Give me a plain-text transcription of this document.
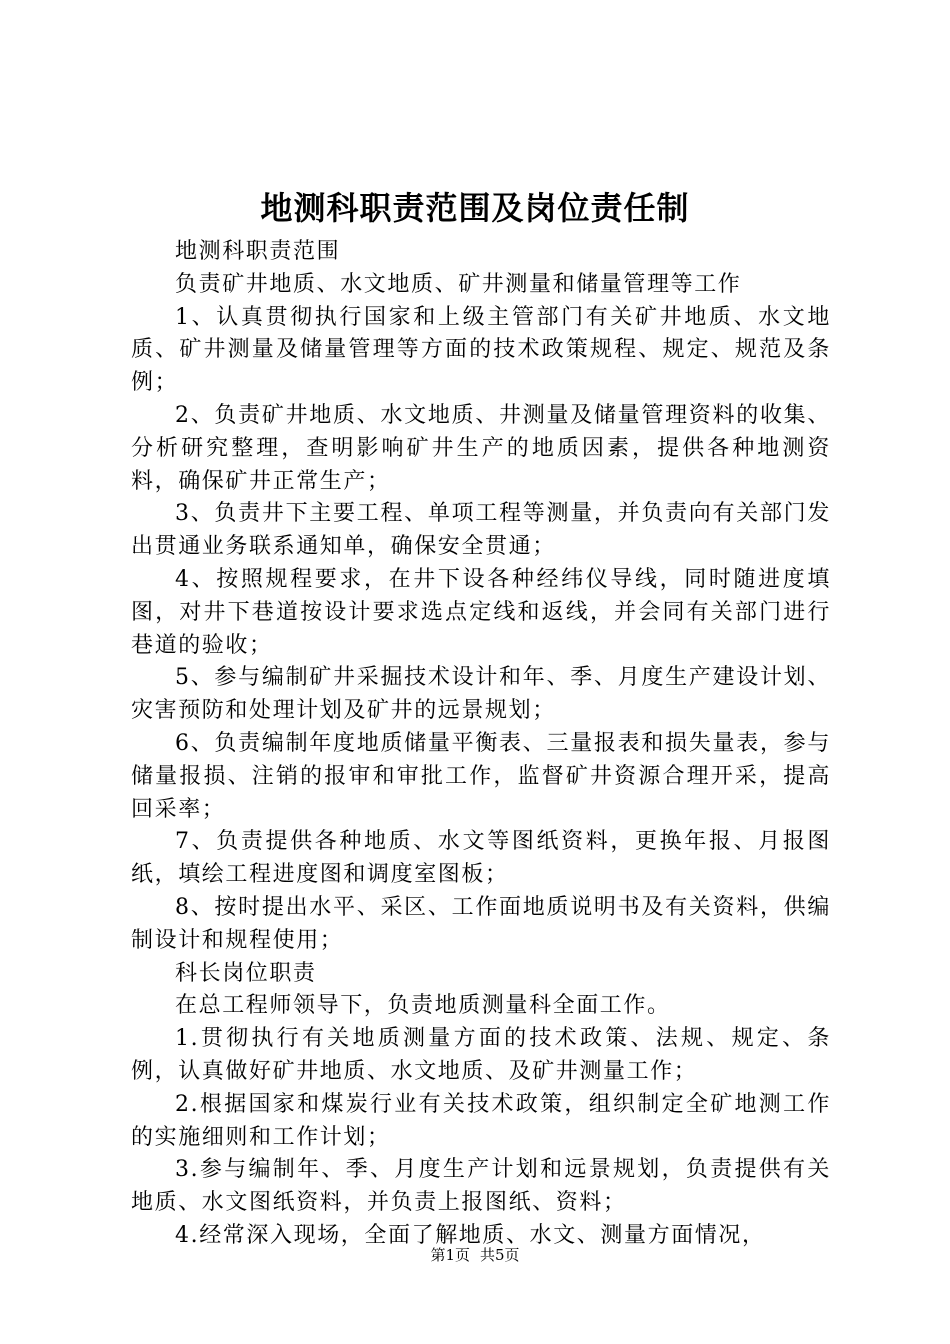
地测科职责范围及岗位责任制

地测科职责范围

负责矿井地质、水文地质、矿井测量和储量管理等工作

1、认真贯彻执行国家和上级主管部门有关矿井地质、水文地质、矿井测量及储量管理等方面的技术政策规程、规定、规范及条例；

2、负责矿井地质、水文地质、井测量及储量管理资料的收集、分析研究整理，查明影响矿井生产的地质因素，提供各种地测资料，确保矿井正常生产；

3、负责井下主要工程、单项工程等测量，并负责向有关部门发出贯通业务联系通知单，确保安全贯通；

4、按照规程要求，在井下设各种经纬仪导线，同时随进度填图，对井下巷道按设计要求选点定线和返线，并会同有关部门进行巷道的验收；

5、参与编制矿井采掘技术设计和年、季、月度生产建设计划、灾害预防和处理计划及矿井的远景规划；

6、负责编制年度地质储量平衡表、三量报表和损失量表，参与储量报损、注销的报审和审批工作，监督矿井资源合理开采，提高回采率；

7、负责提供各种地质、水文等图纸资料，更换年报、月报图纸，填绘工程进度图和调度室图板；

8、按时提出水平、采区、工作面地质说明书及有关资料，供编制设计和规程使用；

科长岗位职责

在总工程师领导下，负责地质测量科全面工作。

1.贯彻执行有关地质测量方面的技术政策、法规、规定、条例，认真做好矿井地质、水文地质、及矿井测量工作；

2.根据国家和煤炭行业有关技术政策，组织制定全矿地测工作的实施细则和工作计划；

3.参与编制年、季、月度生产计划和远景规划，负责提供有关地质、水文图纸资料，并负责上报图纸、资料；

4.经常深入现场，全面了解地质、水文、测量方面情况，

第1页 共5页
